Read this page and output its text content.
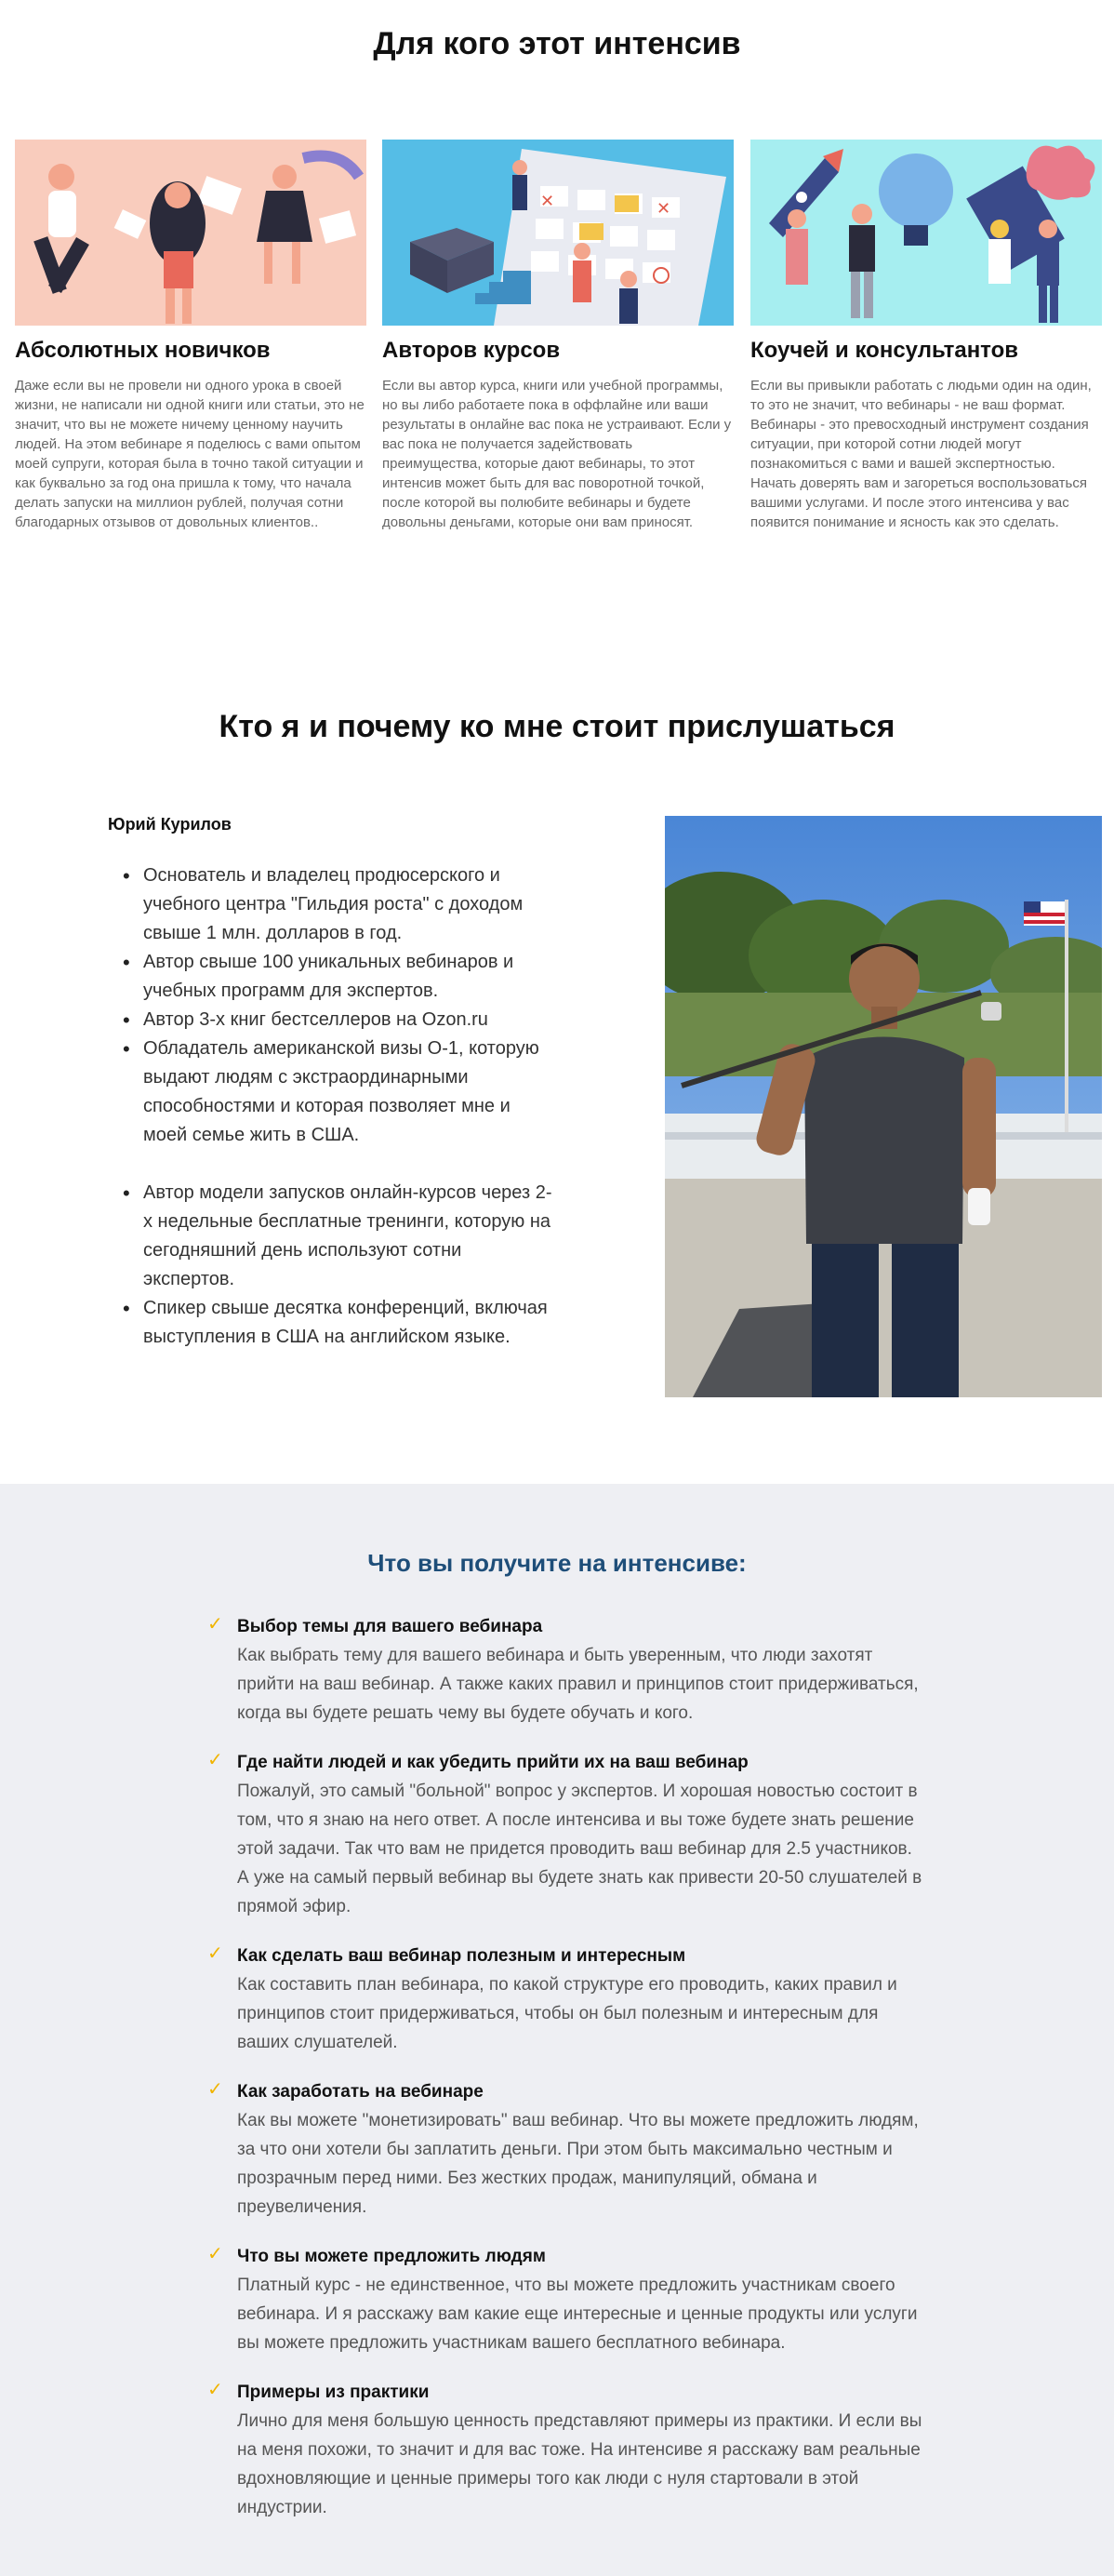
Для кого этот интенсив
Абсолютных новичков
Даже если вы не провели ни одного урока в своей жизни, не написали ни одной книги или статьи, это не значит, что вы не можете ничему ценному научить людей. На этом вебинаре я поделюсь с вами опытом моей супруги, которая была в точно такой ситуации и как буквально за год она пришла к тому, что начала делать запуски на миллион рублей, получая сотни благодарных отзывов от довольных клиентов..
✕
✕
Авторов курсов
Если вы автор курса, книги или учебной программы, но вы либо работаете пока в оффлайне или ваши результаты в онлайне вас пока не устраивают. Если у вас пока не получается задействовать преимущества, которые дают вебинары, то этот интенсив может быть для вас поворотной точкой, после которой вы полюбите вебинары и будете довольны деньгами, которые они вам приносят.
Коучей и консультантов
Если вы привыкли работать с людьми один на один, то это не значит, что вебинары - не ваш формат. Вебинары - это превосходный инструмент создания ситуации, при которой сотни людей могут познакомиться с вами и вашей экспертностью. Начать доверять вам и загореться воспользоваться вашими услугами. И после этого интенсива у вас появится понимание и ясность как это сделать.
Кто я и почему ко мне стоит прислушаться
Юрий Курилов
• Основатель и владелец продюсерского и учебного центра "Гильдия роста" с доходом свыше 1 млн. долларов в год.
• Автор свыше 100 уникальных вебинаров и учебных программ для экспертов.
• Автор 3-х книг бестселлеров на Ozon.ru
• Обладатель американской визы O-1, которую выдают людям с экстраординарными способностями и которая позволяет мне и моей семье жить в США.
• Автор модели запусков онлайн-курсов через 2-х недельные бесплатные тренинги, которую на сегодняшний день используют сотни экспертов.
• Спикер свыше десятка конференций, включая выступления в США на английском языке.
Что вы получите на интенсиве:
✓ Выбор темы для вашего вебинара
Как выбрать тему для вашего вебинара и быть уверенным, что люди захотят прийти на ваш вебинар. А также каких правил и принципов стоит придерживаться, когда вы будете решать чему вы будете обучать и кого.
✓ Где найти людей и как убедить прийти их на ваш вебинар
Пожалуй, это самый "больной" вопрос у экспертов. И хорошая новостью состоит в том, что я знаю на него ответ. А после интенсива и вы тоже будете знать решение этой задачи. Так что вам не придется проводить ваш вебинар для 2.5 участников. А уже на самый первый вебинар вы будете знать как привести 20-50 слушателей в прямой эфир.
✓ Как сделать ваш вебинар полезным и интересным
Как составить план вебинара, по какой структуре его проводить, каких правил и принципов стоит придерживаться, чтобы он был полезным и интересным для ваших слушателей.
✓ Как заработать на вебинаре
Как вы можете "монетизировать" ваш вебинар. Что вы можете предложить людям, за что они хотели бы заплатить деньги. При этом быть максимально честным и прозрачным перед ними. Без жестких продаж, манипуляций, обмана и преувеличения.
✓ Что вы можете предложить людям
Платный курс - не единственное, что вы можете предложить участникам своего вебинара. И я расскажу вам какие еще интересные и ценные продукты или услуги вы можете предложить участникам вашего бесплатного вебинара.
✓ Примеры из практики
Лично для меня большую ценность представляют примеры из практики. И если вы на меня похожи, то значит и для вас тоже. На интенсиве я расскажу вам реальные вдохновляющие и ценные примеры того как люди с нуля стартовали в этой индустрии.
